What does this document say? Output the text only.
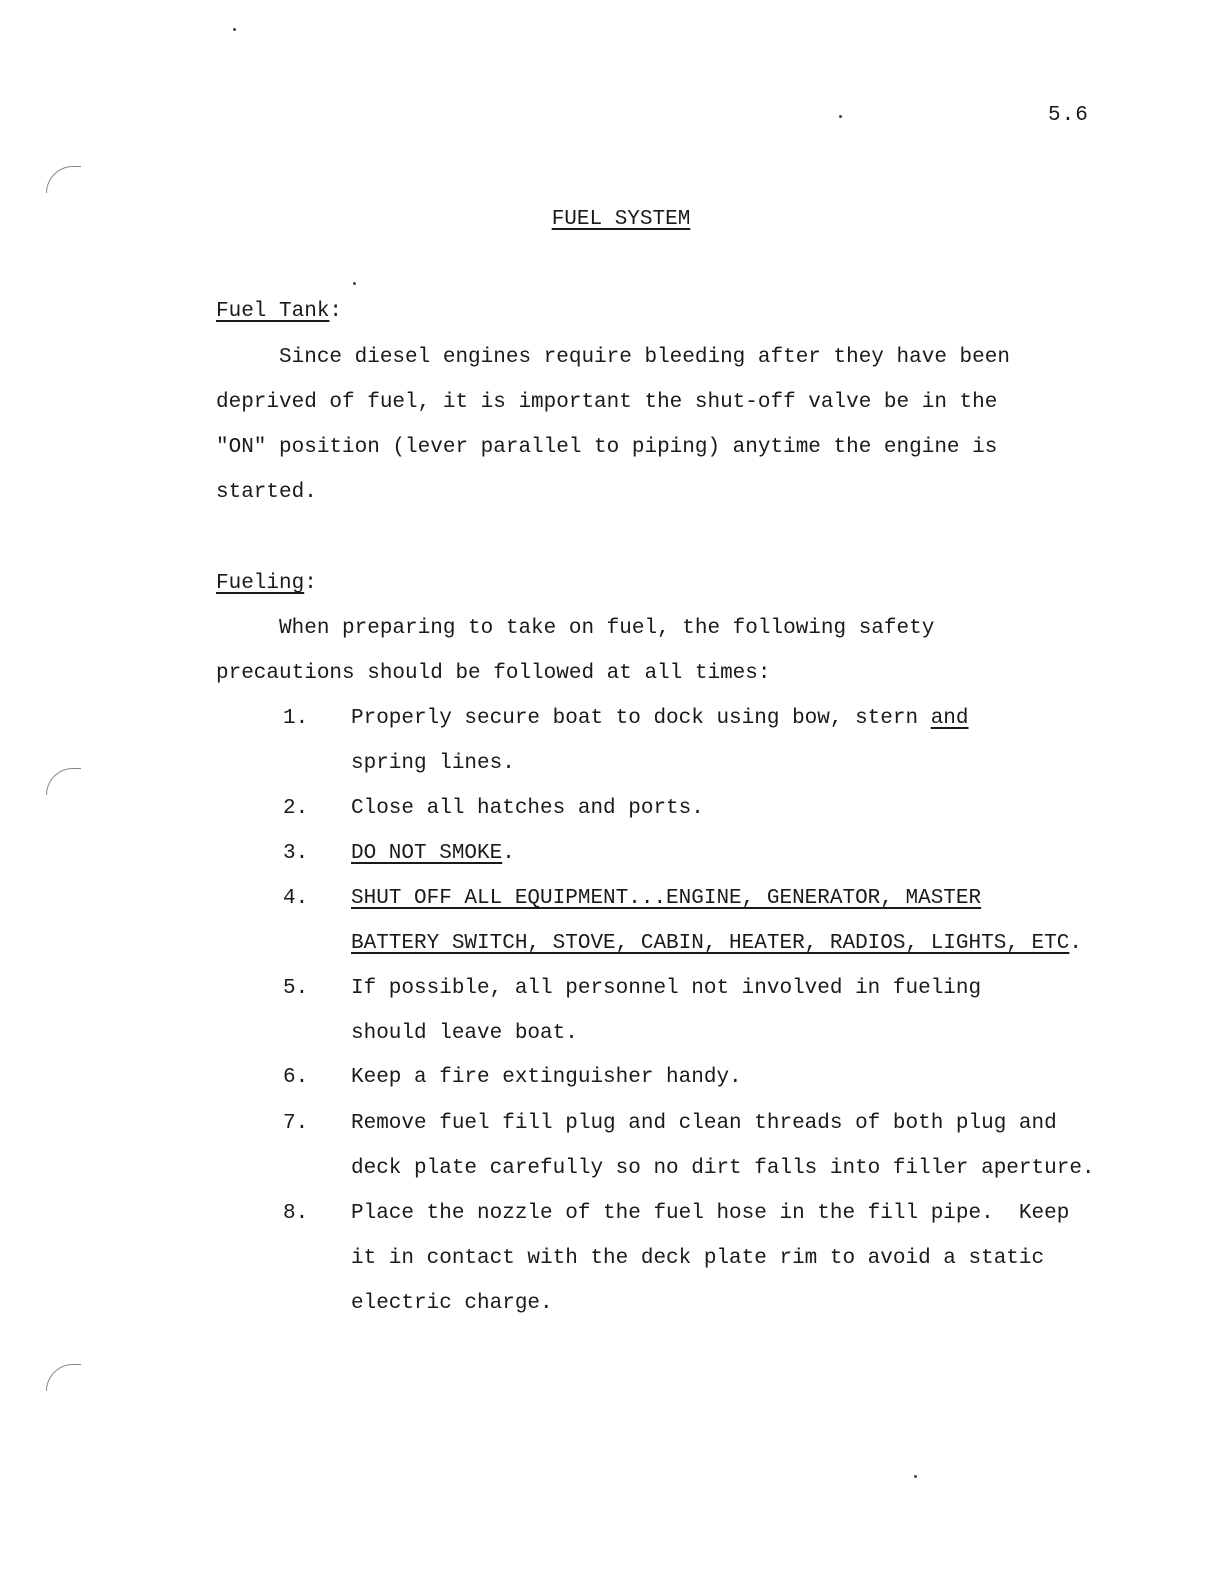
5.6
FUEL SYSTEM
Fuel Tank:
Since diesel engines require bleeding after they have been
deprived of fuel, it is important the shut-off valve be in the
"ON" position (lever parallel to piping) anytime the engine is
started.
Fueling:
When preparing to take on fuel, the following safety
precautions should be followed at all times:
1.	Properly secure boat to dock using bow, stern and
spring lines.
2.	Close all hatches and ports.
3.	DO NOT SMOKE.
4.	SHUT OFF ALL EQUIPMENT...ENGINE, GENERATOR, MASTER
BATTERY SWITCH, STOVE, CABIN, HEATER, RADIOS, LIGHTS, ETC.
5.	If possible, all personnel not involved in fueling
should leave boat.
6.	Keep a fire extinguisher handy.
7.	Remove fuel fill plug and clean threads of both plug and
deck plate carefully so no dirt falls into filler aperture.
8.	Place the nozzle of the fuel hose in the fill pipe.  Keep
it in contact with the deck plate rim to avoid a static
electric charge.
